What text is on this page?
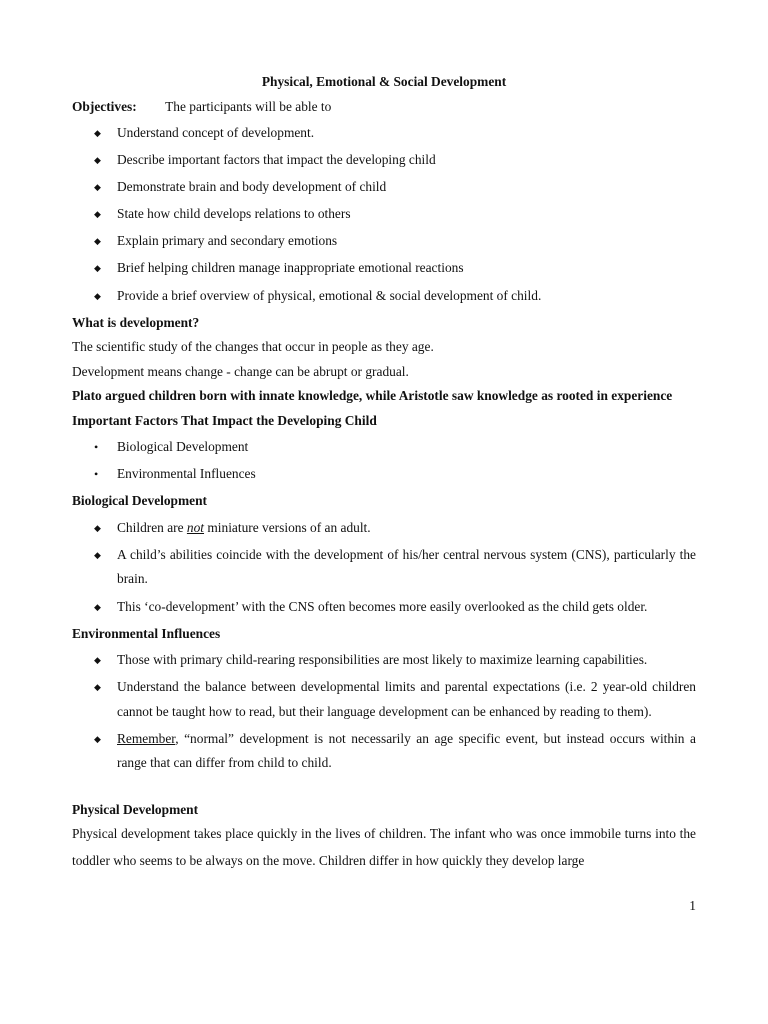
Physical, Emotional & Social Development

Objectives: The participants will be able to

◆	Understand concept of development.
◆	Describe important factors that impact the developing child
◆	Demonstrate brain and body development of child
◆	State how child develops relations to others
◆	Explain primary and secondary emotions
◆	Brief helping children manage inappropriate emotional reactions
◆	Provide a brief overview of physical, emotional & social development of child.

What is development?

The scientific study of the changes that occur in people as they age.

Development means change - change can be abrupt or gradual.

Plato argued children born with innate knowledge, while Aristotle saw knowledge as rooted in experience

Important Factors That Impact the Developing Child

•	Biological Development
•	Environmental Influences

Biological Development

◆	Children are not miniature versions of an adult.
◆	A child’s abilities coincide with the development of his/her central nervous system (CNS), particularly the brain.
◆	This ‘co-development’ with the CNS often becomes more easily overlooked as the child gets older.

Environmental Influences

◆	Those with primary child-rearing responsibilities are most likely to maximize learning capabilities.
◆	Understand the balance between developmental limits and parental expectations (i.e. 2 year-old children cannot be taught how to read, but their language development can be enhanced by reading to them).
◆	Remember, “normal” development is not necessarily an age specific event, but instead occurs within a range that can differ from child to child.

Physical Development

Physical development takes place quickly in the lives of children. The infant who was once immobile turns into the toddler who seems to be always on the move. Children differ in how quickly they develop large

1
